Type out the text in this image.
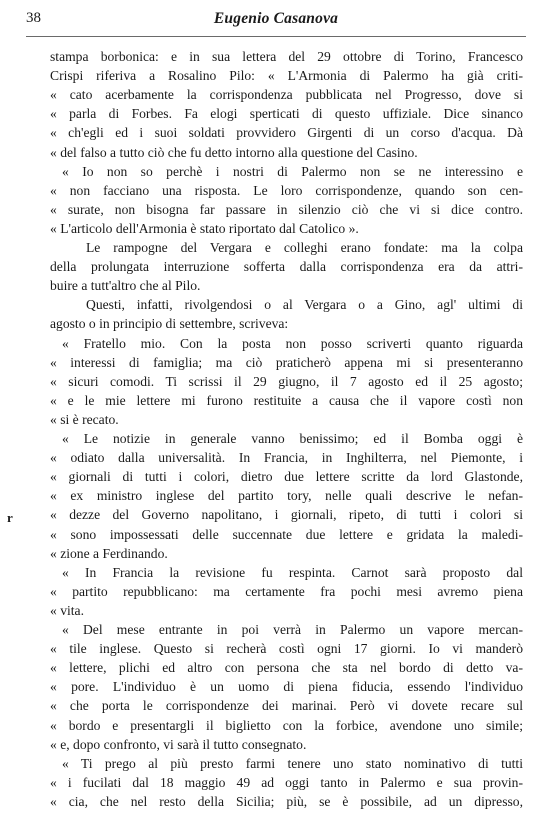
38	Eugenio Casanova
r
stampa borbonica: e in sua lettera del 29 ottobre di Torino, Francesco
Crispi riferiva a Rosalino Pilo: « L'Armonia di Palermo ha già criti-
« cato acerbamente la corrispondenza pubblicata nel Progresso, dove si
« parla di Forbes. Fa elogi sperticati di questo uffiziale. Dice sinanco
« ch'egli ed i suoi soldati provvidero Girgenti di un corso d'acqua. Dà
« del falso a tutto ciò che fu detto intorno alla questione del Casino.
« Io non so perchè i nostri di Palermo non se ne interessino e
« non facciano una risposta. Le loro corrispondenze, quando son cen-
« surate, non bisogna far passare in silenzio ciò che vi si dice contro.
« L'articolo dell'Armonia è stato riportato dal Catolico ».
Le rampogne del Vergara e colleghi erano fondate: ma la colpa
della prolungata interruzione sofferta dalla corrispondenza era da attri-
buire a tutt'altro che al Pilo.
Questi, infatti, rivolgendosi o al Vergara o a Gino, agl' ultimi di
agosto o in principio di settembre, scriveva:
« Fratello mio. Con la posta non posso scriverti quanto riguarda
« interessi di famiglia; ma ciò praticherò appena mi si presenteranno
« sicuri comodi. Ti scrissi il 29 giugno, il 7 agosto ed il 25 agosto;
« e le mie lettere mi furono restituite a causa che il vapore costì non
« si è recato.
« Le notizie in generale vanno benissimo; ed il Bomba oggi è
« odiato dalla universalità. In Francia, in Inghilterra, nel Piemonte, i
« giornali di tutti i colori, dietro due lettere scritte da lord Glastonde,
« ex ministro inglese del partito tory, nelle quali descrive le nefan-
« dezze del Governo napolitano, i giornali, ripeto, di tutti i colori si
« sono impossessati delle succennate due lettere e gridata la maledi-
« zione a Ferdinando.
« In Francia la revisione fu respinta. Carnot sarà proposto dal
« partito repubblicano: ma certamente fra pochi mesi avremo piena
« vita.
« Del mese entrante in poi verrà in Palermo un vapore mercan-
« tile inglese. Questo si recherà costì ogni 17 giorni. Io vi manderò
« lettere, plichi ed altro con persona che sta nel bordo di detto va-
« pore. L'individuo è un uomo di piena fiducia, essendo l'individuo
« che porta le corrispondenze dei marinai. Però vi dovete recare sul
« bordo e presentargli il biglietto con la forbice, avendone uno simile;
« e, dopo confronto, vi sarà il tutto consegnato.
« Ti prego al più presto farmi tenere uno stato nominativo di tutti
« i fucilati dal 18 maggio 49 ad oggi tanto in Palermo e sua provin-
« cia, che nel resto della Sicilia; più, se è possibile, ad un dipresso,
